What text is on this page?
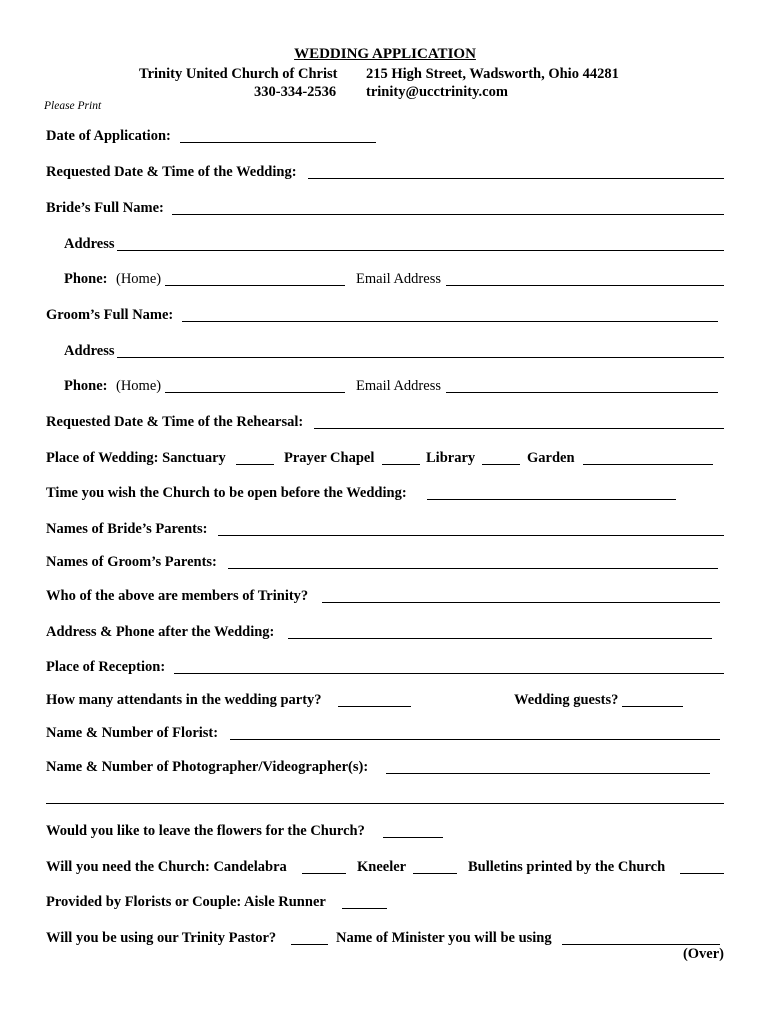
WEDDING APPLICATION
Trinity United Church of Christ 215 High Street, Wadsworth, Ohio 44281
330-334-2536 trinity@ucctrinity.com
Please Print
Date of Application:
Requested Date & Time of the Wedding:
Bride’s Full Name:
Address
Phone: (Home)	Email Address
Groom’s Full Name:
Address
Phone: (Home)	Email Address
Requested Date & Time of the Rehearsal:
Place of Wedding: Sanctuary	Prayer Chapel	Library	Garden
Time you wish the Church to be open before the Wedding:
Names of Bride’s Parents:
Names of Groom’s Parents:
Who of the above are members of Trinity?
Address & Phone after the Wedding:
Place of Reception:
How many attendants in the wedding party?	Wedding guests?
Name & Number of Florist:
Name & Number of Photographer/Videographer(s):
Would you like to leave the flowers for the Church?
Will you need the Church: Candelabra	Kneeler	Bulletins printed by the Church
Provided by Florists or Couple: Aisle Runner
Will you be using our Trinity Pastor?	Name of Minister you will be using
(Over)
